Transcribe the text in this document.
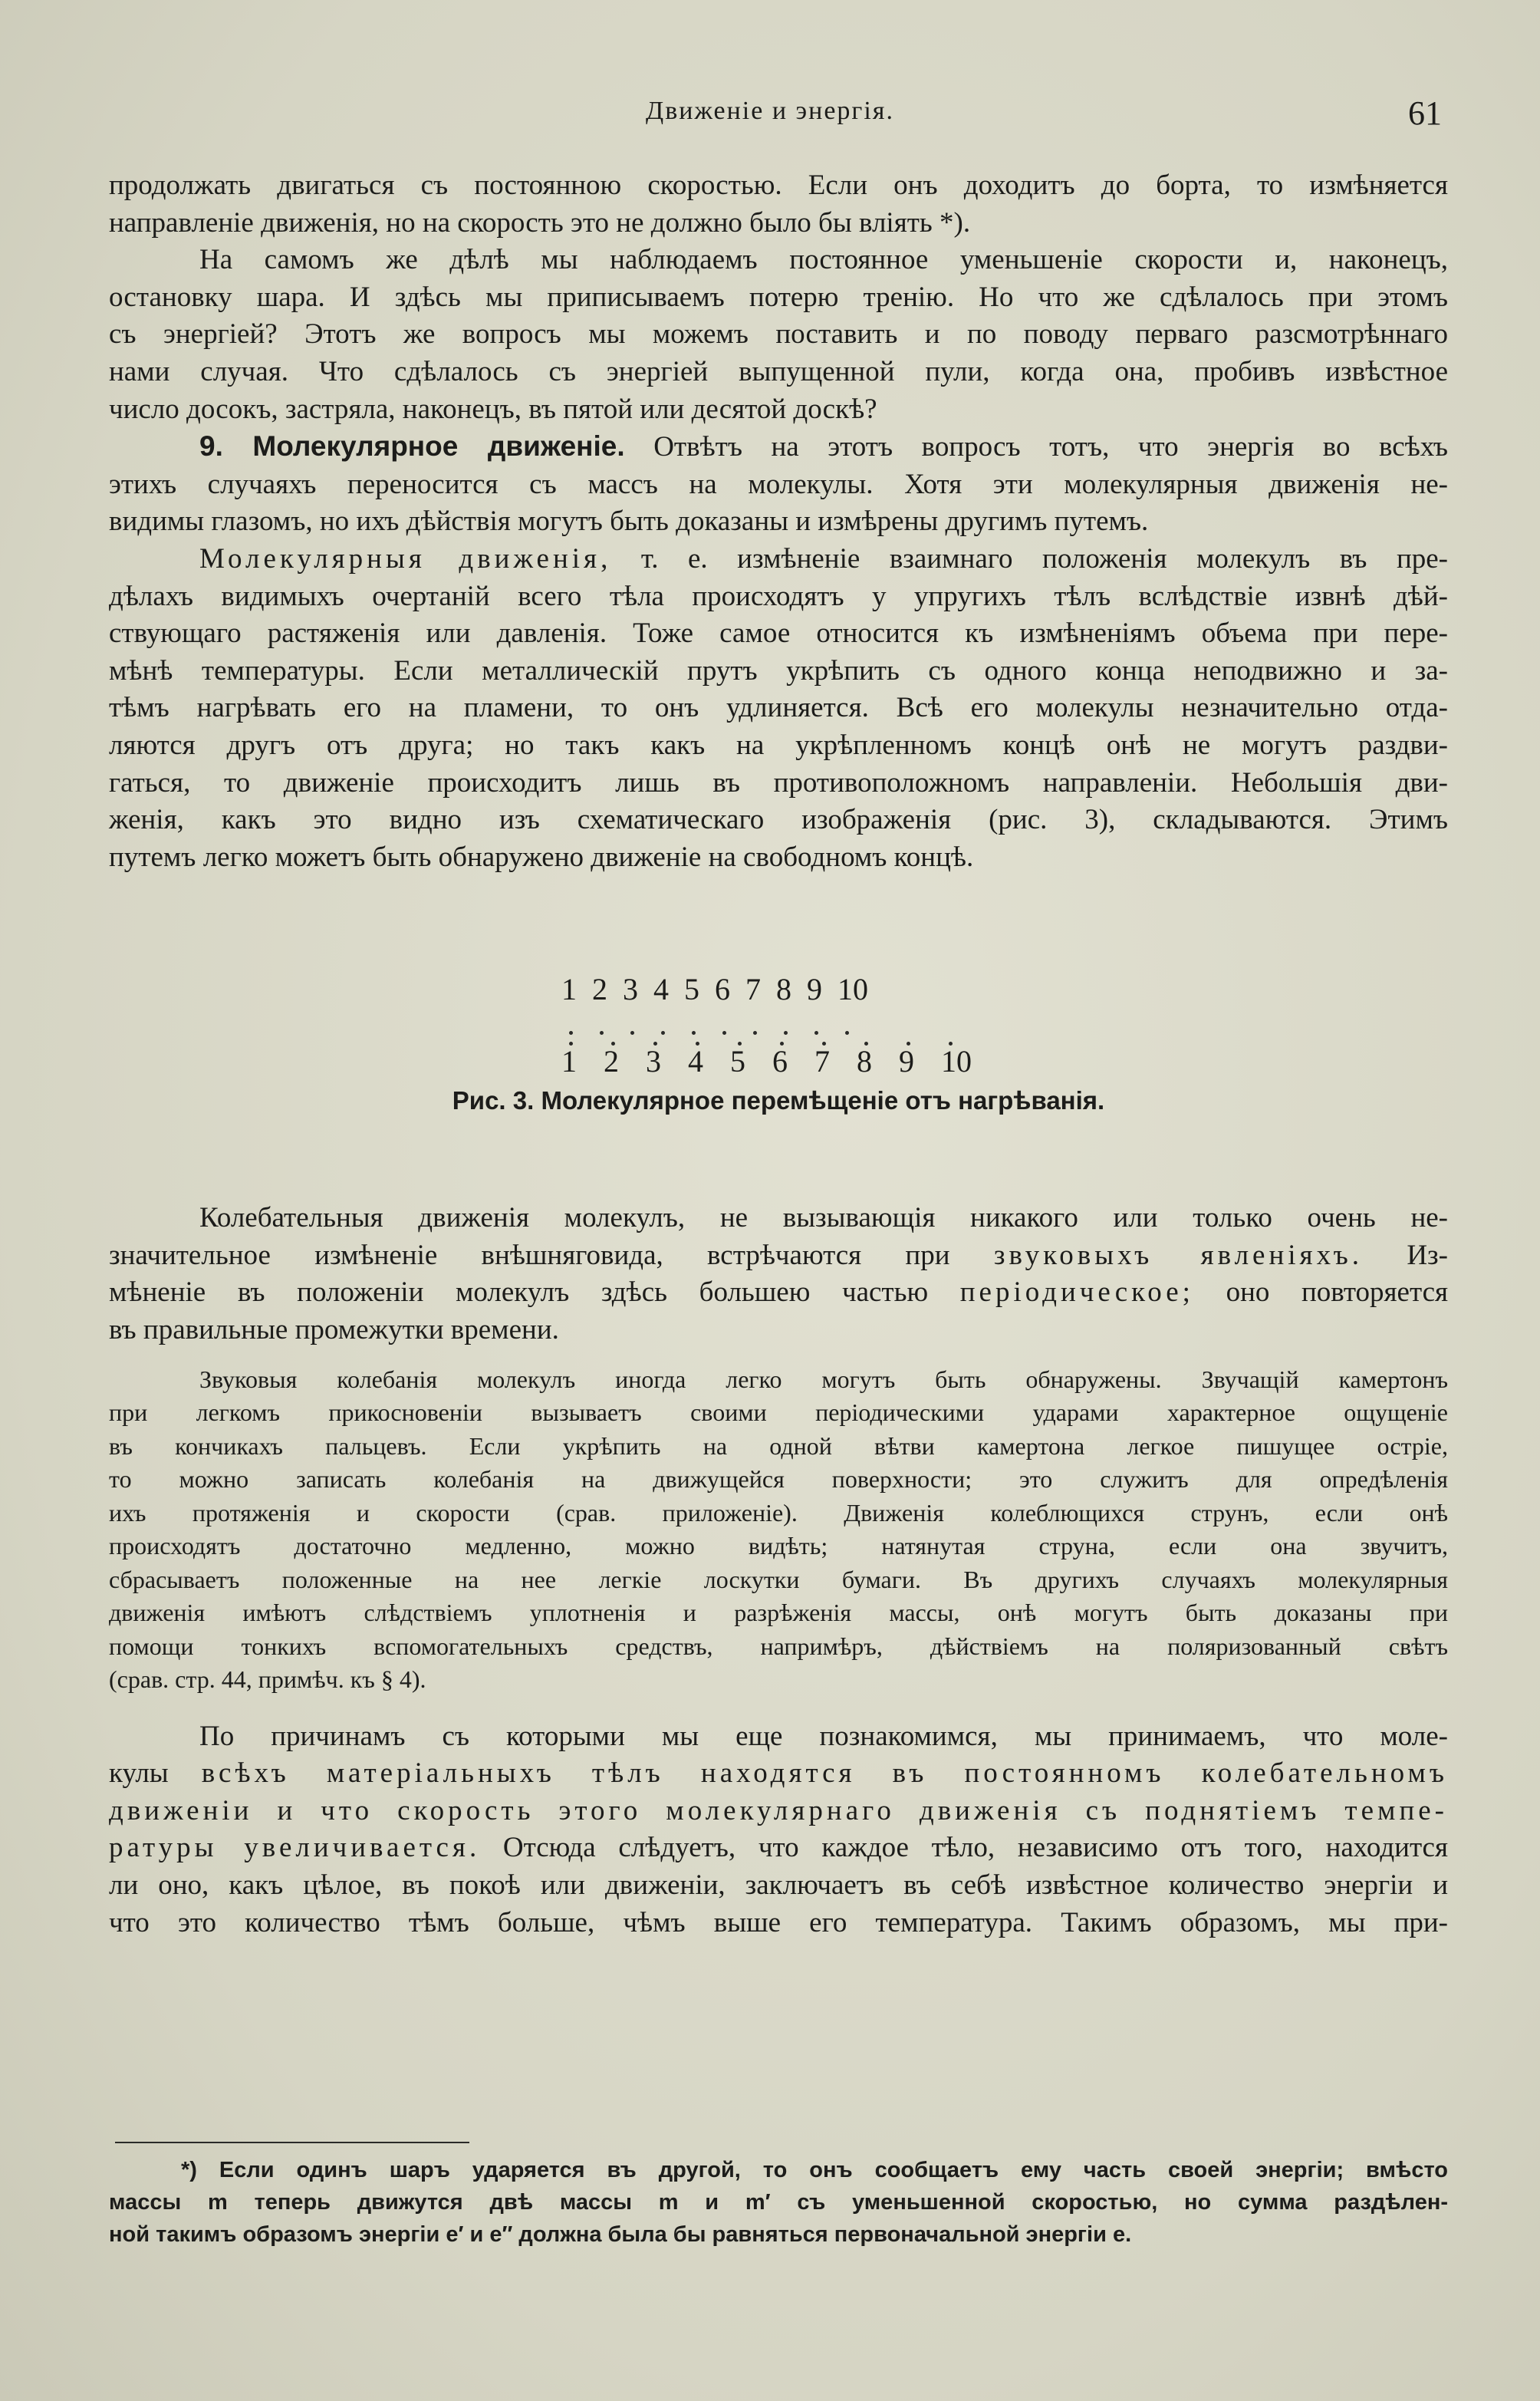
Движенiе и энергiя.	61

продолжать двигаться съ постоянною скоростью. Если онъ доходитъ до борта, то измѣняется
направленiе движенiя, но на скорость это не должно было бы влiять *).

На самомъ же дѣлѣ мы наблюдаемъ постоянное уменьшенiе скорости и, наконецъ,
остановку шара. И здѣсь мы приписываемъ потерю тренiю. Но что же сдѣлалось при этомъ
съ энергiей? Этотъ же вопросъ мы можемъ поставить и по поводу перваго разсмотрѣннаго
нами случая. Что сдѣлалось съ энергiей выпущенной пули, когда она, пробивъ извѣстное
число досокъ, застряла, наконецъ, въ пятой или десятой доскѣ?

9. Молекулярное движенiе. Отвѣтъ на этотъ вопросъ тотъ, что энергiя во всѣхъ
этихъ случаяхъ переносится съ массъ на молекулы. Хотя эти молекулярныя движенiя не-
видимы глазомъ, но ихъ дѣйствiя могутъ быть доказаны и измѣрены другимъ путемъ.

Молекулярныя движенiя, т. е. измѣненiе взаимнаго положенiя молекулъ въ пре-
дѣлахъ видимыхъ очертанiй всего тѣла происходятъ у упругихъ тѣлъ вслѣдствiе извнѣ дѣй-
ствующаго растяженiя или давленiя. Тоже самое относится къ измѣненiямъ объема при пере-
мѣнѣ температуры. Если металлическiй прутъ укрѣпить съ одного конца неподвижно и за-
тѣмъ нагрѣвать его на пламени, то онъ удлиняется. Всѣ его молекулы незначительно отда-
ляются другъ отъ друга; но такъ какъ на укрѣпленномъ концѣ онѣ не могутъ раздви-
гаться, то движенiе происходитъ лишь въ противоположномъ направленiи. Небольшiя дви-
женiя, какъ это видно изъ схематическаго изображенiя (рис. 3), складываются. Этимъ
путемъ легко можетъ быть обнаружено движенiе на свободномъ концѣ.

1 2 3 4 5 6 7 8 9 10
1 2 3 4 5 6 7 8 9 10
Рис. 3. Молекулярное перемѣщенiе отъ нагрѣванiя.

Колебательныя движенiя молекулъ, не вызывающiя никакого или только очень не-
значительное измѣненiе внѣшняговида, встрѣчаются при звуковыхъ явленiяхъ. Из-
мѣненiе въ положенiи молекулъ здѣсь большею частью перiодическое; оно повторяется
въ правильные промежутки времени.

Звуковыя колебанiя молекулъ иногда легко могутъ быть обнаружены. Звучащiй камертонъ
при легкомъ прикосновенiи вызываетъ своими перiодическими ударами характерное ощущенiе
въ кончикахъ пальцевъ. Если укрѣпить на одной вѣтви камертона легкое пишущее острiе,
то можно записать колебанiя на движущейся поверхности; это служитъ для опредѣленiя
ихъ протяженiя и скорости (срав. приложенiе). Движенiя колеблющихся струнъ, если онѣ
происходятъ достаточно медленно, можно видѣть; натянутая струна, если она звучитъ,
сбрасываетъ положенные на нее легкiе лоскутки бумаги. Въ другихъ случаяхъ молекулярныя
движенiя имѣютъ слѣдствiемъ уплотненiя и разрѣженiя массы, онѣ могутъ быть доказаны при
помощи тонкихъ вспомогательныхъ средствъ, напримѣръ, дѣйствiемъ на поляризованный свѣтъ
(срав. стр. 44, примѣч. къ § 4).

По причинамъ съ которыми мы еще познакомимся, мы принимаемъ, что моле-
кулы всѣхъ матерiальныхъ тѣлъ находятся въ постоянномъ колебательномъ
движенiи и что скорость этого молекулярнаго движенiя съ поднятiемъ темпе-
ратуры увеличивается. Отсюда слѣдуетъ, что каждое тѣло, независимо отъ того, находится
ли оно, какъ цѣлое, въ покоѣ или движенiи, заключаетъ въ себѣ извѣстное количество энергiи и
что это количество тѣмъ больше, чѣмъ выше его температура. Такимъ образомъ, мы при-

*) Если одинъ шаръ ударяется въ другой, то онъ сообщаетъ ему часть своей энергiи; вмѣсто
массы m теперь движутся двѣ массы m и m′ съ уменьшенной скоростью, но сумма раздѣлен-
ной такимъ образомъ энергiи e′ и e″ должна была бы равняться первоначальной энергiи e.
